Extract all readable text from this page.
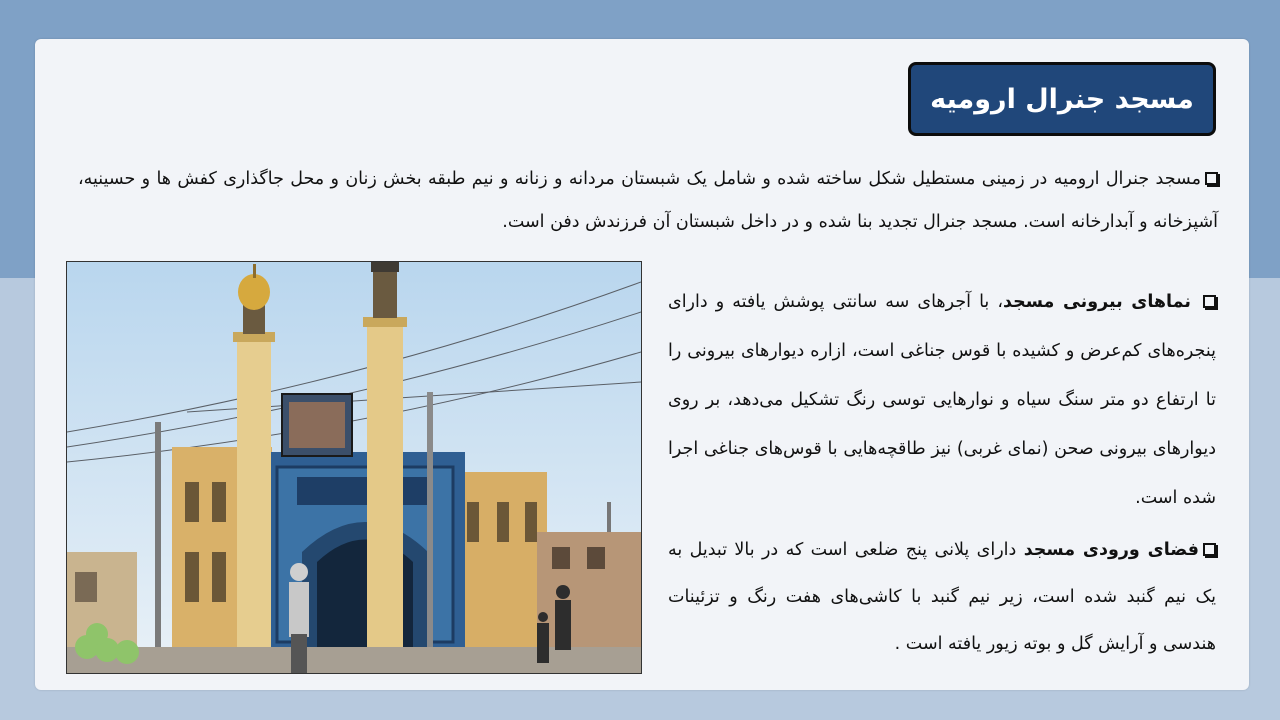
مسجد جنرال ارومیه
مسجد جنرال ارومیه در زمینی مستطیل شکل ساخته شده و شامل یک شبستان مردانه و زنانه و نیم طبقه بخش زنان و محل جاگذاری کفش ها و حسینیه، آشپزخانه و آبدارخانه است. مسجد جنرال تجدید بنا شده و در داخل شبستان آن فرزندش دفن است.
نماهای بیرونی مسجد، با آجرهای سه سانتی پوشش یافته و دارای پنجره‌های کم‌عرض و کشیده با قوس جناغی است، ازاره دیوارهای بیرونی را تا ارتفاع دو متر سنگ سیاه و نوارهایی توسی رنگ تشکیل می‌دهد، بر روی دیوارهای بیرونی صحن (نمای غربی) نیز طاقچه‌هایی با قوس‌های جناغی اجرا شده است.
فضای ورودی مسجد دارای پلانی پنج ضلعی است که در بالا تبدیل به یک نیم گنبد شده است، زیر نیم گنبد با کاشی‌های هفت رنگ و تزئینات هندسی و آرایش گل و بوته زیور یافته است .
